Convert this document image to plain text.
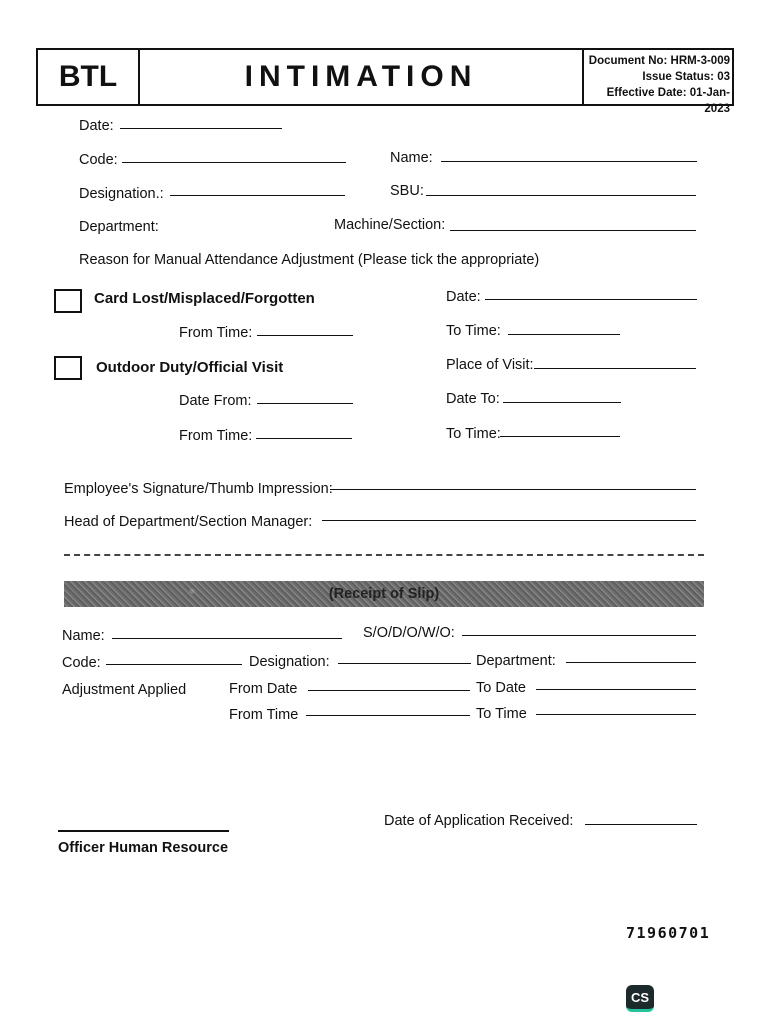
BTL	INTIMATION	Document No: HRM-3-009
Issue Status: 03
Effective Date: 01-Jan-2023
Date:
Code:	Name:
Designation.:	SBU:
Department:	Machine/Section:
Reason for Manual Attendance Adjustment (Please tick the appropriate)
Card Lost/Misplaced/Forgotten	Date:
From Time:	To Time:
Outdoor Duty/Official Visit	Place of Visit:
Date From:	Date To:
From Time:	To Time:
Employee's Signature/Thumb Impression:
Head of Department/Section Manager:
(Receipt of Slip)
Name:	S/O/D/O/W/O:
Code:	Designation:	Department:
Adjustment Applied	From Date	To Date
From Time	To Time
Date of Application Received:
Officer Human Resource
71960701
CS
